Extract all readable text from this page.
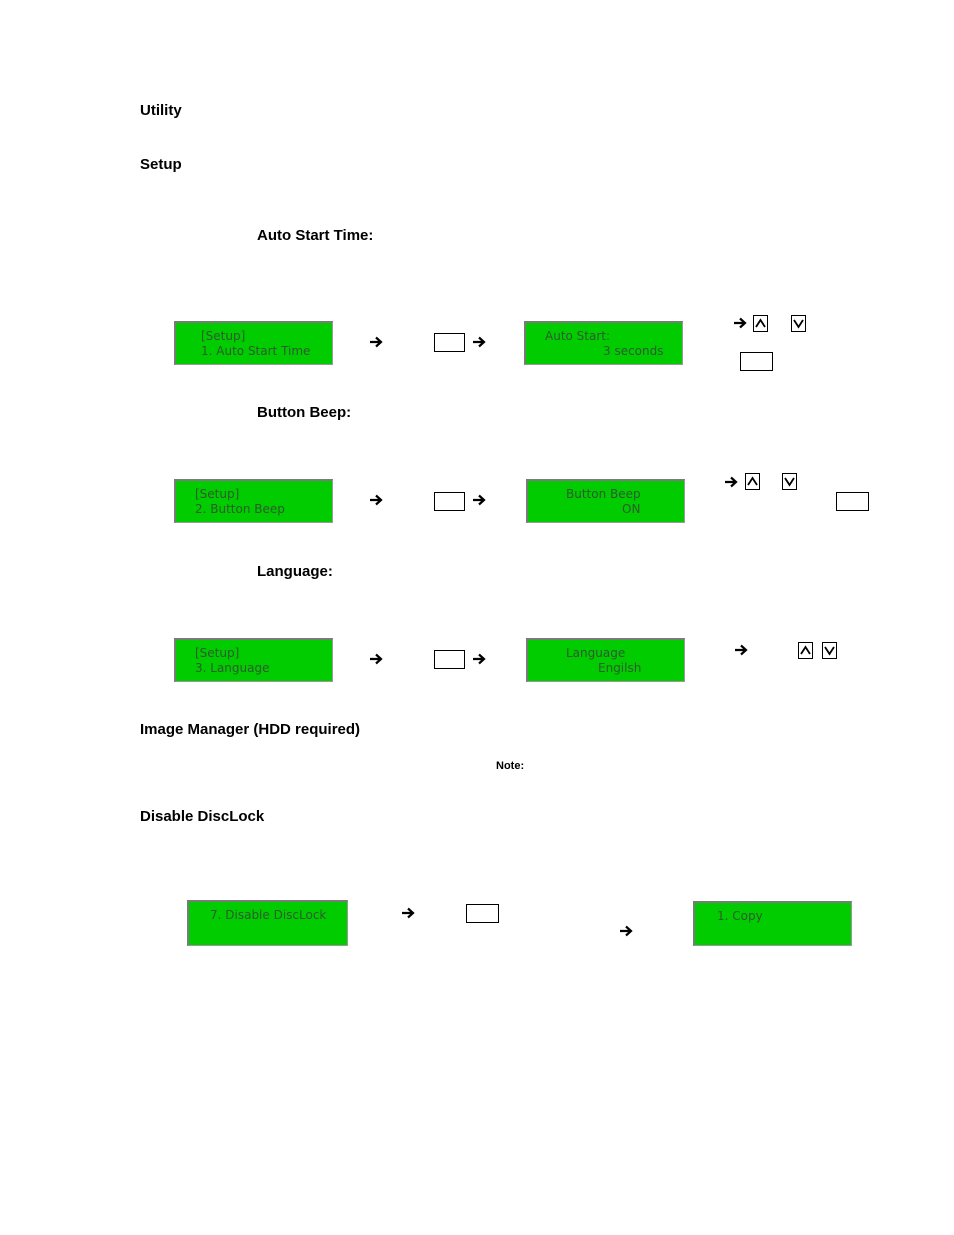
Utility
Setup
Auto Start Time:
Button Beep:
Language:
Image Manager (HDD required)
Note:
Disable DiscLock

[Setup]

1. Auto Start Time

Auto Start:

3 seconds

[Setup]

2. Button Beep

Button Beep

ON

[Setup]

3. Language

Language

Engilsh

7. Disable DiscLock

	1. Copy
